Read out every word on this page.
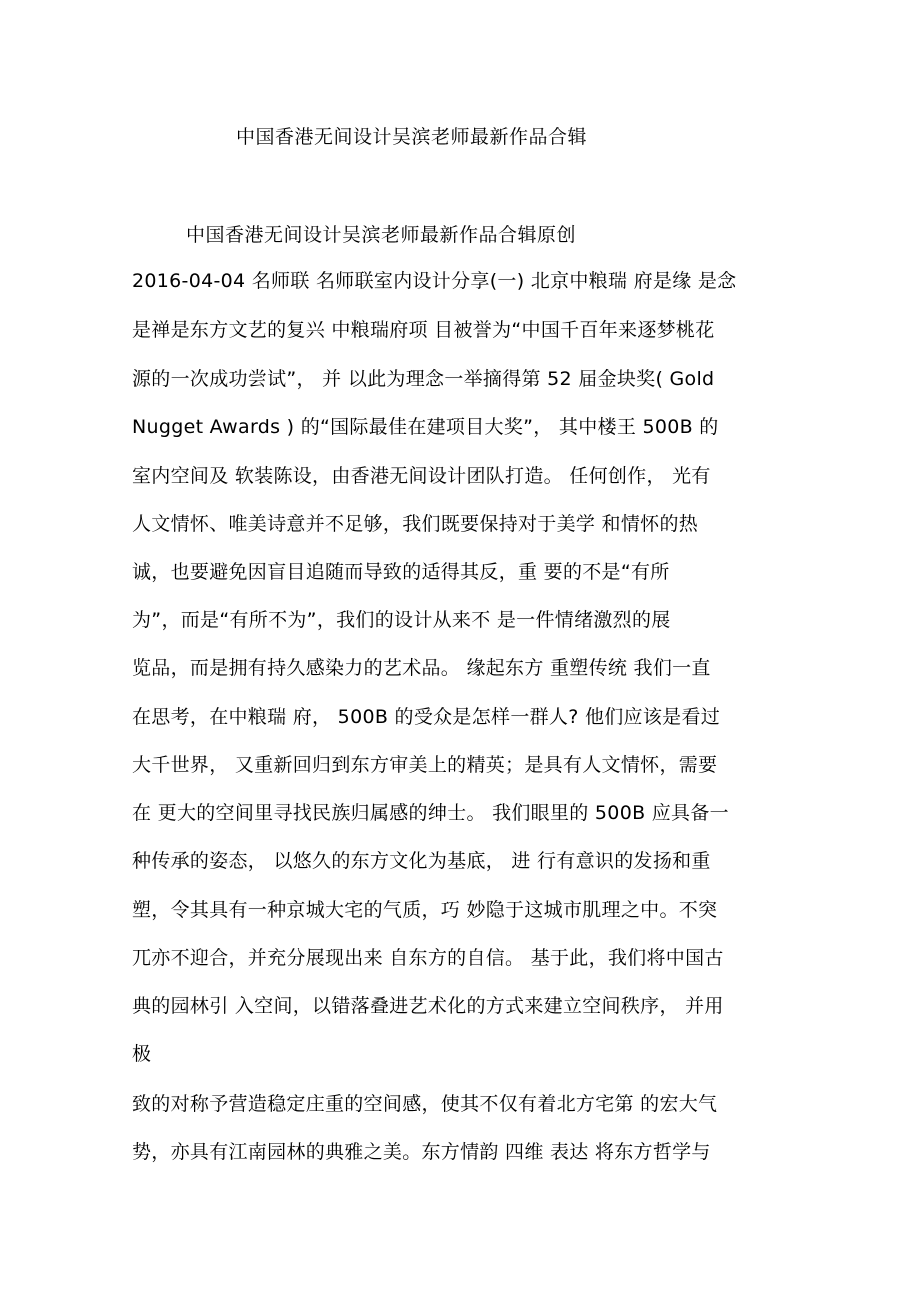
中国香港无间设计吴滨老师最新作品合辑
中国香港无间设计吴滨老师最新作品合辑原创
2016-04-04 名师联 名师联室内设计分享(一) 北京中粮瑞 府是缘 是念
是禅是东方文艺的复兴 中粮瑞府项 目被誉为“中国千百年来逐梦桃花
源的一次成功尝试”， 并 以此为理念一举摘得第 52 届金块奖( Gold
Nugget Awards ) 的“国际最佳在建项目大奖”， 其中楼王 500B 的
室内空间及 软装陈设，由香港无间设计团队打造。 任何创作， 光有
人文情怀、唯美诗意并不足够，我们既要保持对于美学 和情怀的热
诚，也要避免因盲目追随而导致的适得其反，重 要的不是“有所
为”，而是“有所不为”，我们的设计从来不 是一件情绪激烈的展
览品，而是拥有持久感染力的艺术品。 缘起东方 重塑传统 我们一直
在思考，在中粮瑞 府， 500B 的受众是怎样一群人? 他们应该是看过
大千世界， 又重新回归到东方审美上的精英；是具有人文情怀，需要
在 更大的空间里寻找民族归属感的绅士。 我们眼里的 500B 应具备一
种传承的姿态， 以悠久的东方文化为基底， 进 行有意识的发扬和重
塑，令其具有一种京城大宅的气质，巧 妙隐于这城市肌理之中。不突
兀亦不迎合，并充分展现出来 自东方的自信。 基于此，我们将中国古
典的园林引 入空间，以错落叠进艺术化的方式来建立空间秩序， 并用
极
致的对称予营造稳定庄重的空间感，使其不仅有着北方宅第 的宏大气
势，亦具有江南园林的典雅之美。东方情韵 四维 表达 将东方哲学与
